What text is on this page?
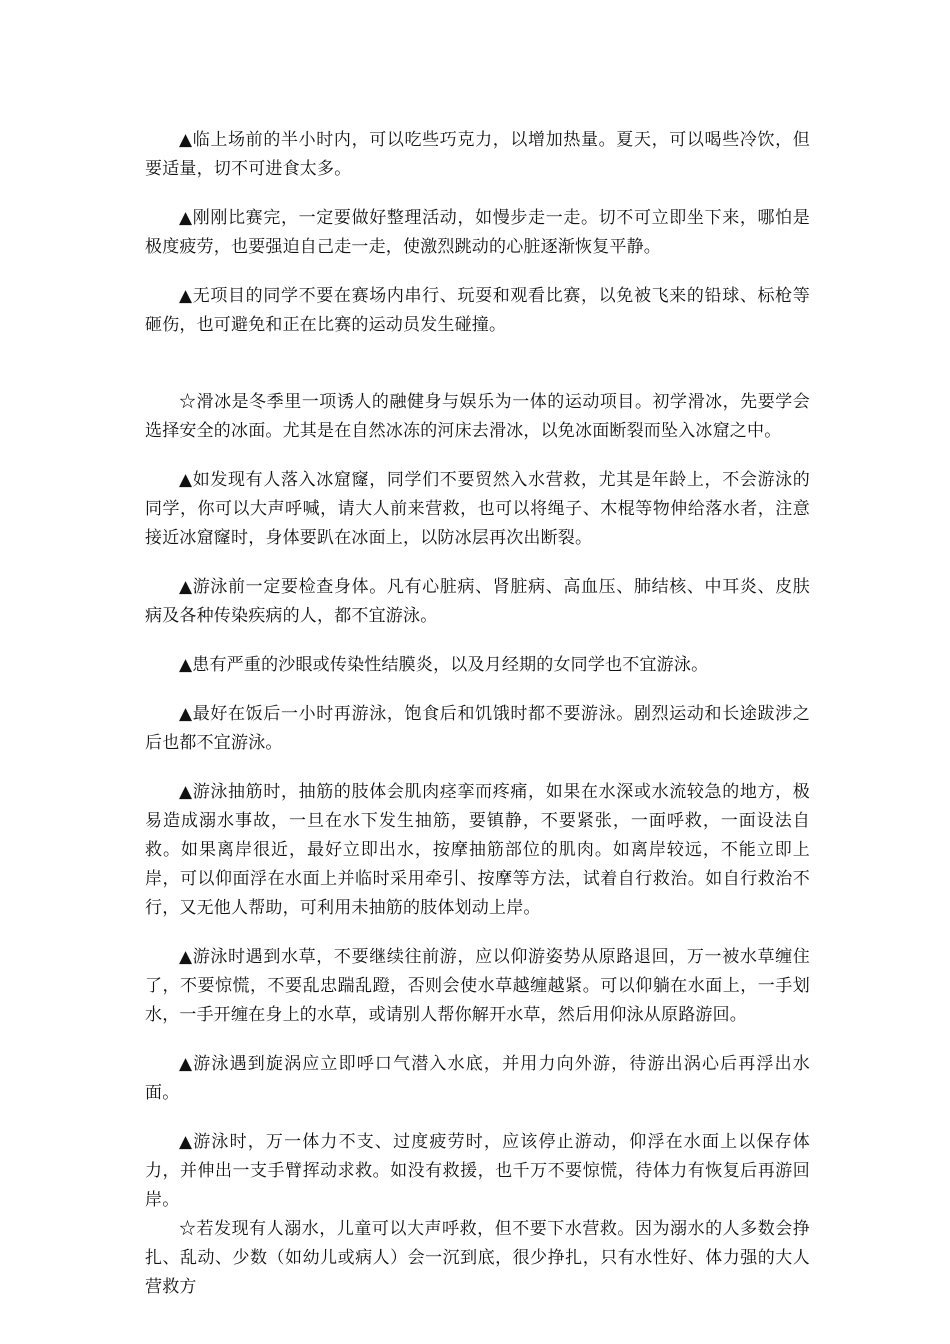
▲临上场前的半小时内，可以吃些巧克力，以增加热量。夏天，可以喝些冷饮，但要适量，切不可进食太多。

▲刚刚比赛完，一定要做好整理活动，如慢步走一走。切不可立即坐下来，哪怕是极度疲劳，也要强迫自己走一走，使激烈跳动的心脏逐渐恢复平静。

▲无项目的同学不要在赛场内串行、玩耍和观看比赛，以免被飞来的铅球、标枪等砸伤，也可避免和正在比赛的运动员发生碰撞。

☆滑冰是冬季里一项诱人的融健身与娱乐为一体的运动项目。初学滑冰，先要学会选择安全的冰面。尤其是在自然冰冻的河床去滑冰，以免冰面断裂而坠入冰窟之中。

▲如发现有人落入冰窟窿，同学们不要贸然入水营救，尤其是年龄上，不会游泳的同学，你可以大声呼喊，请大人前来营救，也可以将绳子、木棍等物伸给落水者，注意接近冰窟窿时，身体要趴在冰面上，以防冰层再次出断裂。

▲游泳前一定要检查身体。凡有心脏病、肾脏病、高血压、肺结核、中耳炎、皮肤病及各种传染疾病的人，都不宜游泳。

▲患有严重的沙眼或传染性结膜炎，以及月经期的女同学也不宜游泳。

▲最好在饭后一小时再游泳，饱食后和饥饿时都不要游泳。剧烈运动和长途跋涉之后也都不宜游泳。

▲游泳抽筋时，抽筋的肢体会肌肉痉挛而疼痛，如果在水深或水流较急的地方，极易造成溺水事故，一旦在水下发生抽筋，要镇静，不要紧张，一面呼救，一面设法自救。如果离岸很近，最好立即出水，按摩抽筋部位的肌肉。如离岸较远，不能立即上岸，可以仰面浮在水面上并临时采用牵引、按摩等方法，试着自行救治。如自行救治不行，又无他人帮助，可利用未抽筋的肢体划动上岸。

▲游泳时遇到水草，不要继续往前游，应以仰游姿势从原路退回，万一被水草缠住了，不要惊慌，不要乱忠踹乱蹬，否则会使水草越缠越紧。可以仰躺在水面上，一手划水，一手开缠在身上的水草，或请别人帮你解开水草，然后用仰泳从原路游回。

▲游泳遇到旋涡应立即呼口气潜入水底，并用力向外游，待游出涡心后再浮出水面。

▲游泳时，万一体力不支、过度疲劳时，应该停止游动，仰浮在水面上以保存体力，并伸出一支手臂挥动求救。如没有救援，也千万不要惊慌，待体力有恢复后再游回岸。

☆若发现有人溺水，儿童可以大声呼救，但不要下水营救。因为溺水的人多数会挣扎、乱动、少数（如幼儿或病人）会一沉到底，很少挣扎，只有水性好、体力强的大人营救方
